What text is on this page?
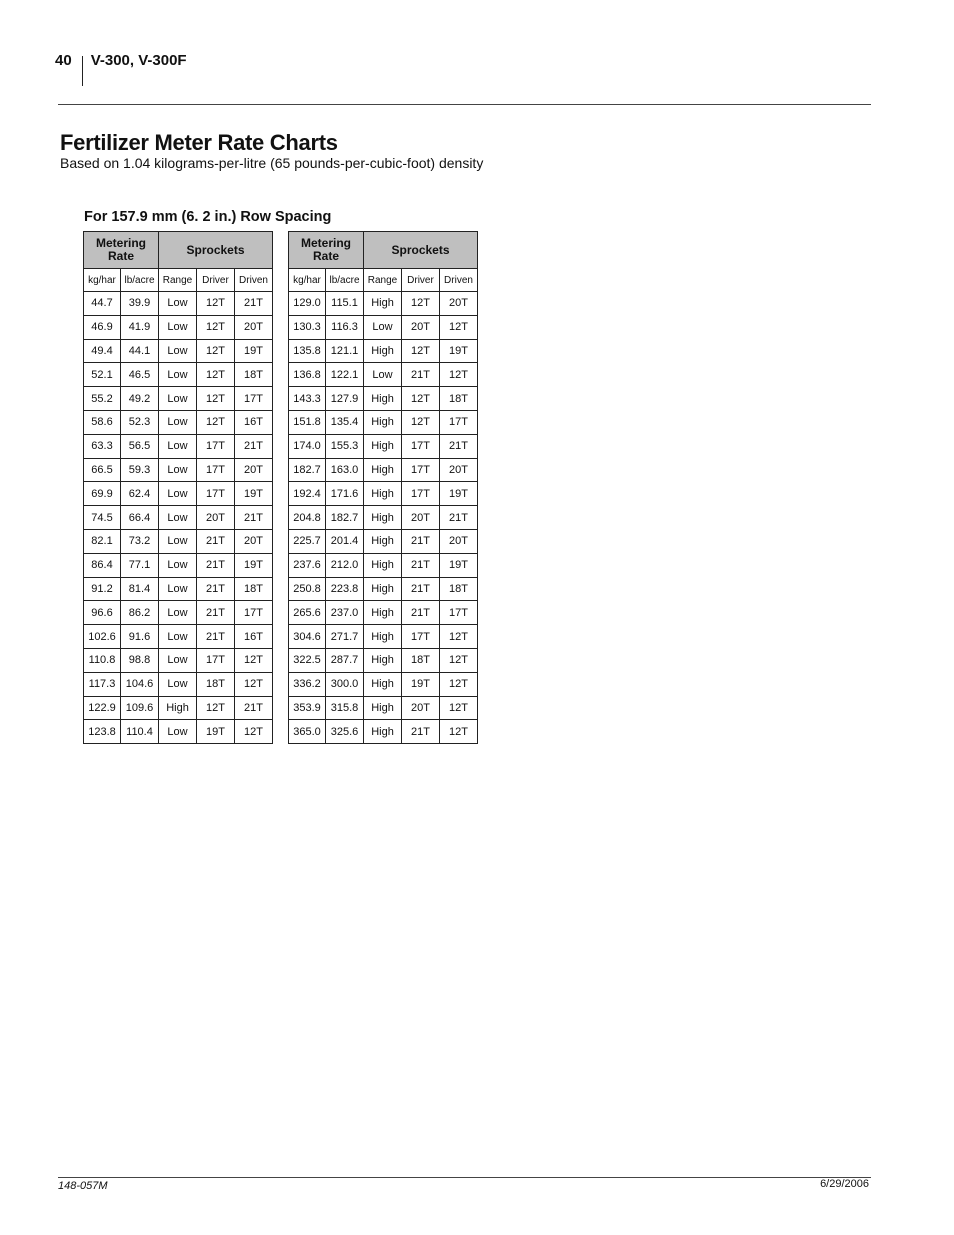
40 V-300, V-300F
Fertilizer Meter Rate Charts

Based on 1.04 kilograms-per-litre (65 pounds-per-cubic-foot) density

For 157.9 mm (6. 2 in.) Row Spacing
Metering
Rate		Sprockets		
kg/har	lb/acre	Range	Driver	Driven
44.7	39.9	Low	12T	21T
46.9	41.9	Low	12T	20T
49.4	44.1	Low	12T	19T
52.1	46.5	Low	12T	18T
55.2	49.2	Low	12T	17T
58.6	52.3	Low	12T	16T
63.3	56.5	Low	17T	21T
66.5	59.3	Low	17T	20T
69.9	62.4	Low	17T	19T
74.5	66.4	Low	20T	21T
82.1	73.2	Low	21T	20T
86.4	77.1	Low	21T	19T
91.2	81.4	Low	21T	18T
96.6	86.2	Low	21T	17T
102.6	91.6	Low	21T	16T
110.8	98.8	Low	17T	12T
117.3	104.6	Low	18T	12T
122.9	109.6	High	12T	21T
123.8	110.4	Low	19T	12T
Metering
Rate		Sprockets		
kg/har	lb/acre	Range	Driver	Driven
129.0	115.1	High	12T	20T
130.3	116.3	Low	20T	12T
135.8	121.1	High	12T	19T
136.8	122.1	Low	21T	12T
143.3	127.9	High	12T	18T
151.8	135.4	High	12T	17T
174.0	155.3	High	17T	21T
182.7	163.0	High	17T	20T
192.4	171.6	High	17T	19T
204.8	182.7	High	20T	21T
225.7	201.4	High	21T	20T
237.6	212.0	High	21T	19T
250.8	223.8	High	21T	18T
265.6	237.0	High	21T	17T
304.6	271.7	High	17T	12T
322.5	287.7	High	18T	12T
336.2	300.0	High	19T	12T
353.9	315.8	High	20T	12T
365.0	325.6	High	21T	12T
148-057M	6/29/2006
